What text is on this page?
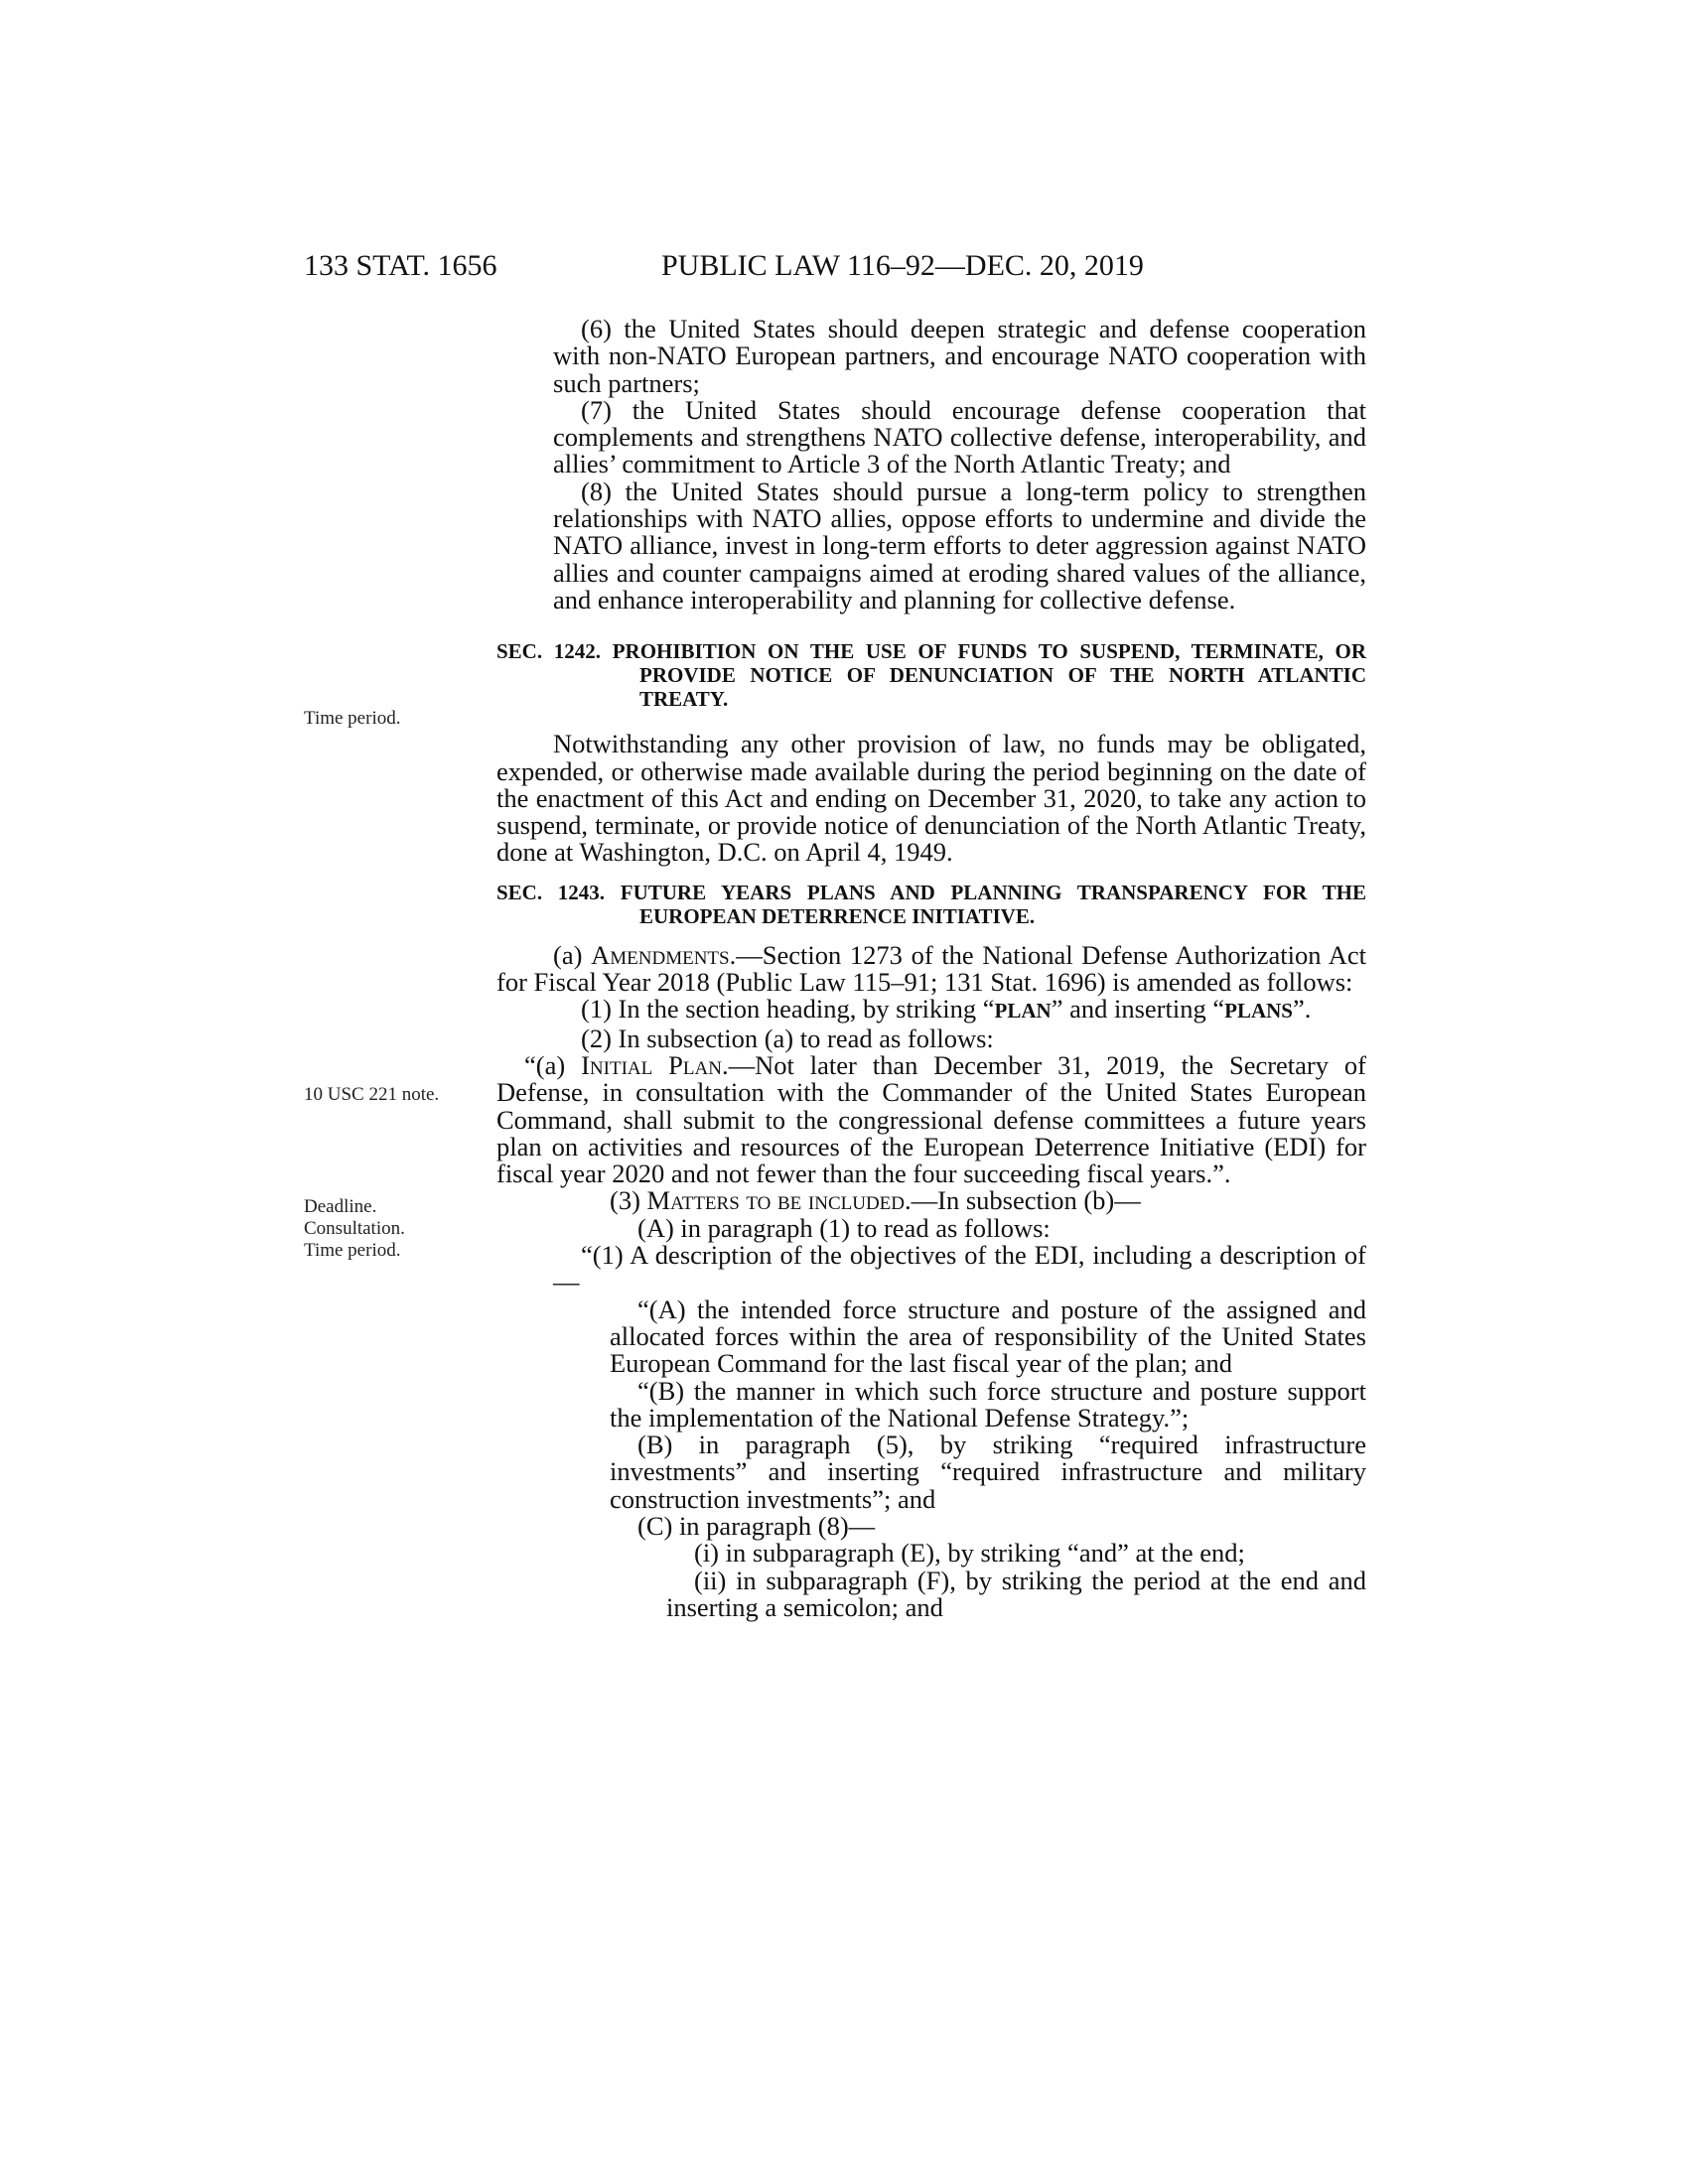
133 STAT. 1656	PUBLIC LAW 116–92—DEC. 20, 2019
Time period.
10 USC 221 note.
Deadline.
Consultation.
Time period.

(6) the United States should deepen strategic and defense cooperation with non-NATO European partners, and encourage NATO cooperation with such partners;

(7) the United States should encourage defense cooperation that complements and strengthens NATO collective defense, interoperability, and allies’ commitment to Article 3 of the North Atlantic Treaty; and

(8) the United States should pursue a long-term policy to strengthen relationships with NATO allies, oppose efforts to undermine and divide the NATO alliance, invest in long-term efforts to deter aggression against NATO allies and counter campaigns aimed at eroding shared values of the alliance, and enhance interoperability and planning for collective defense.

SEC. 1242. PROHIBITION ON THE USE OF FUNDS TO SUSPEND, TERMINATE, OR PROVIDE NOTICE OF DENUNCIATION OF THE NORTH ATLANTIC TREATY.

Notwithstanding any other provision of law, no funds may be obligated, expended, or otherwise made available during the period beginning on the date of the enactment of this Act and ending on December 31, 2020, to take any action to suspend, terminate, or provide notice of denunciation of the North Atlantic Treaty, done at Washington, D.C. on April 4, 1949.

SEC. 1243. FUTURE YEARS PLANS AND PLANNING TRANSPARENCY FOR THE EUROPEAN DETERRENCE INITIATIVE.

(a) Amendments.—Section 1273 of the National Defense Authorization Act for Fiscal Year 2018 (Public Law 115–91; 131 Stat. 1696) is amended as follows:

(1) In the section heading, by striking “PLAN” and inserting “PLANS”.

(2) In subsection (a) to read as follows:

“(a) Initial Plan.—Not later than December 31, 2019, the Secretary of Defense, in consultation with the Commander of the United States European Command, shall submit to the congressional defense committees a future years plan on activities and resources of the European Deterrence Initiative (EDI) for fiscal year 2020 and not fewer than the four succeeding fiscal years.”.

(3) Matters to be included.—In subsection (b)—

(A) in paragraph (1) to read as follows:

“(1) A description of the objectives of the EDI, including a description of—

“(A) the intended force structure and posture of the assigned and allocated forces within the area of responsibility of the United States European Command for the last fiscal year of the plan; and

“(B) the manner in which such force structure and posture support the implementation of the National Defense Strategy.”;

(B) in paragraph (5), by striking “required infrastructure investments” and inserting “required infrastructure and military construction investments”; and

(C) in paragraph (8)—

(i) in subparagraph (E), by striking “and” at the end;

(ii) in subparagraph (F), by striking the period at the end and inserting a semicolon; and
